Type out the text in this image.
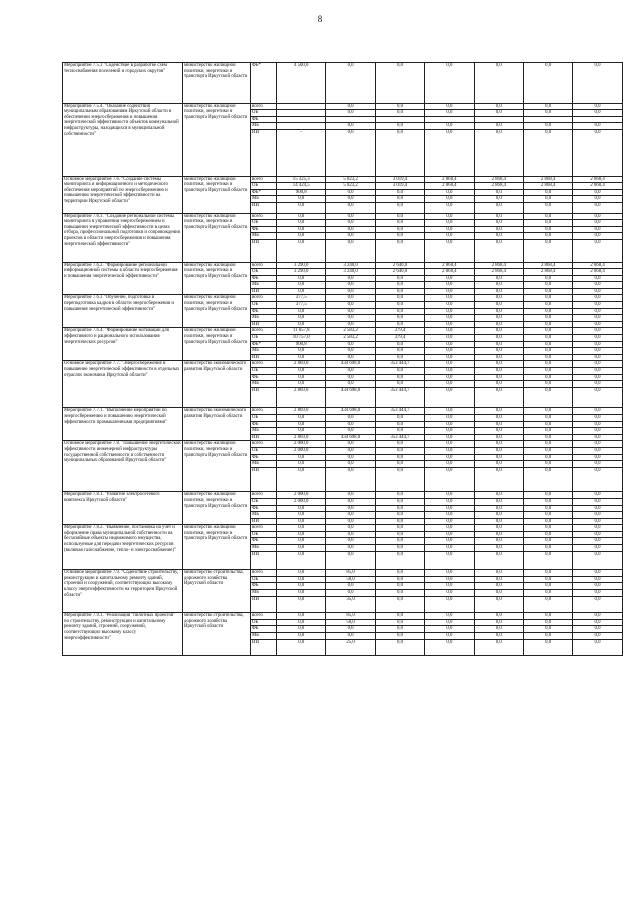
8
Мероприятие 7.5.3 "Содействие в разработке схем теплоснабжения поселений и городских округов"	министерство жилищной политики, энергетики и транспорта Иркутской области	ФБ*	4 500,0	0,0	0,0	0,0	0,0	0,0	0,0
Мероприятие 7.5.4. "Оказание содействия муниципальным образованиям Иркутской области в обеспечении энергосбережения и повышения энергетической эффективности объектов коммунальной инфраструктуры, находящихся в муниципальной собственности"	министерство жилищной политики, энергетики и транспорта Иркутской области	всего		0,0	0,0	0,0	0,0	0,0	0,0
		ОБ		0,0	0,0	0,0	0,0	0,0	0,0
		ФБ							
		МБ		0,0	0,0	0,0	0,0	0,0	0,0
		ИИ	-	0,0	0,0	0,0	0,0	0,0	0,0
Основное мероприятие 7.6. "Создание системы мониторинга и информационного и методического обеспечения мероприятий по энергосбережению и повышению энергетической эффективности на территории Иркутской области"	министерство жилищной политики, энергетики и транспорта Иркутской области	всего	15 325,3	5 823,2	3 019,4	2 868,4	2 868,4	2 868,4	2 868,4
		ОБ	14 424,5	5 823,2	3 019,4	2 868,4	2 868,4	2 868,4	2 868,4
		ФБ*	900,8	0,0	0,0	0,0	0,0	0,0	0,0
		МБ	0,0	0,0	0,0	0,0	0,0	0,0	0,0
		ИИ	0,0	0,0	0,0	0,0	0,0	0,0	0,0
Мероприятие 7.6.1. "Создание региональной системы мониторинга в управлении энергосбережением и повышении энергетической эффективности в целях отбора, профессиональной подготовки и сопровождения проектов в области энергосбережения и повышения энергетической эффективности"	министерство жилищной политики, энергетики и транспорта Иркутской области	всего	0,0	0,0	0,0	0,0	0,0	0,0	0,0
		ОБ	0,0	0,0	0,0	0,0	0,0	0,0	0,0
		ФБ	0,0	0,0	0,0	0,0	0,0	0,0	0,0
		МБ	0,0	0,0	0,0	0,0	0,0	0,0	0,0
		ИИ	0,0	0,0	0,0	0,0	0,0	0,0	0,0
Мероприятие 7.6.2. "Формирование региональной информационной системы в области энергосбережения и повышения энергетической эффективности"	министерство жилищной политики, энергетики и транспорта Иркутской области	всего	3 290,0	3 240,0	2 640,0	2 868,4	2 868,4	2 868,4	2 868,4
		ОБ	3 290,0	3 240,0	2 640,0	2 868,4	2 868,4	2 868,4	2 868,4
		ФБ	0,0	0,0	0,0	0,0	0,0	0,0	0,0
		МБ	0,0	0,0	0,0	0,0	0,0	0,0	0,0
		ИИ	0,0	0,0	0,0	0,0	0,0	0,0	0,0
Мероприятие 7.6.3 "Обучение, подготовка и переподготовка кадров в области энергосбережения и повышения энергетической эффективности"	министерство жилищной политики, энергетики и транспорта Иркутской области	всего	377,5	0,0	0,0	0,0	0,0	0,0	0,0
		ОБ	377,5	0,0	0,0	0,0	0,0	0,0	0,0
		ФБ	0,0	0,0	0,0	0,0	0,0	0,0	0,0
		МБ	0,0	0,0	0,0	0,0	0,0	0,0	0,0
		ИИ	0,0	0,0	0,0	0,0	0,0	0,0	0,0
Мероприятие 7.6.4. "Формирование мотивации для эффективного и рационального использования энергетических ресурсов"	министерство жилищной политики, энергетики и транспорта Иркутской области	всего	11 657,8	2 583,2	379,4	0,0	0,0	0,0	0,0
		ОБ	10 757,0	2 583,2	379,4	0,0	0,0	0,0	0,0
		ФБ*	900,8	0,0	0,0	0,0	0,0	0,0	0,0
		МБ	0,0	0,0	0,0	0,0	0,0	0,0	0,0
		ИИ	0,0	0,0	0,0	0,0	0,0	0,0	0,0
Основное мероприятие 7.7. "Энергосбережение и повышение энергетической эффективности в отдельных отраслях экономики Иркутской области"	министерство экономического развития Иркутской области	всего	2 869,0	434 698,0	353 444,7	0,0	0,0	0,0	0,0
		ОБ	0,0	0,0	0,0	0,0	0,0	0,0	0,0
		ФБ	0,0	0,0	0,0	0,0	0,0	0,0	0,0
		МБ	0,0	0,0	0,0	0,0	0,0	0,0	0,0
		ИИ	2 869,0	434 698,0	353 444,7	0,0	0,0	0,0	0,0
Мероприятие 7.7.1. "Выполнение мероприятий по энергосбережению и повышению энергетической эффективности промышленными предприятиями"	министерство экономического развития Иркутской области	всего	2 869,0	434 698,0	353 444,7	0,0	0,0	0,0	0,0
		ОБ	0,0	0,0	0,0	0,0	0,0	0,0	0,0
		ФБ	0,0	0,0	0,0	0,0	0,0	0,0	0,0
		МБ	0,0	0,0	0,0	0,0	0,0	0,0	0,0
		ИИ	2 869,0	434 698,0	353 444,7	0,0	0,0	0,0	0,0
Основное мероприятие 7.8. "Повышение энергетической эффективности инженерной инфраструктуры государственной собственности и собственности муниципальных образований Иркутской области"	министерство жилищной политики, энергетики и транспорта Иркутской области	всего	2 000,0	0,0	0,0	0,0	0,0	0,0	0,0
		ОБ	2 000,0	0,0	0,0	0,0	0,0	0,0	0,0
		ФБ	0,0	0,0	0,0	0,0	0,0	0,0	0,0
		МБ	0,0	0,0	0,0	0,0	0,0	0,0	0,0
		ИИ	0,0	0,0	0,0	0,0	0,0	0,0	0,0
Мероприятие 7.8.1. "Развитие электросетевого комплекса Иркутской области"	министерство жилищной политики, энергетики и транспорта Иркутской области	всего	2 000,0	0,0	0,0	0,0	0,0	0,0	0,0
		ОБ	2 000,0	0,0	0,0	0,0	0,0	0,0	0,0
		ФБ	0,0	0,0	0,0	0,0	0,0	0,0	0,0
		МБ	0,0	0,0	0,0	0,0	0,0	0,0	0,0
		ИИ	0,0	0,0	0,0	0,0	0,0	0,0	0,0
Мероприятие 7.8.2. "Выявление, постановка на учет и оформление права муниципальной собственности на бесхозяйные объекты недвижимого имущества, используемые для передачи энергетических ресурсов (включая газоснабжение, тепло- и электроснабжение)"	министерство жилищной политики, энергетики и транспорта Иркутской области	всего	0,0	0,0	0,0	0,0	0,0	0,0	0,0
		ОБ	0,0	0,0	0,0	0,0	0,0	0,0	0,0
		ФБ	0,0	0,0	0,0	0,0	0,0	0,0	0,0
		МБ	0,0	0,0	0,0	0,0	0,0	0,0	0,0
		ИИ	0,0	0,0	0,0	0,0	0,0	0,0	0,0
Основное мероприятие 7.9. "Содействие строительству, реконструкции и капитальному ремонту зданий, строений и сооружений, соответствующих высокому классу энергоэффективности на территории Иркутской области"	министерство строительства, дорожного хозяйства Иркутской области	всего	0,0	85,0	0,0	0,0	0,0	0,0	0,0
		ОБ	0,0	50,0	0,0	0,0	0,0	0,0	0,0
		ФБ	0,0	0,0	0,0	0,0	0,0	0,0	0,0
		МБ	0,0	0,0	0,0	0,0	0,0	0,0	0,0
		ИИ	0,0	35,0	0,0	0,0	0,0	0,0	0,0
Мероприятие 7.9.1. "Реализация "пилотных проектов" по строительству, реконструкции и капитальному ремонту зданий, строений, сооружений, соответствующих высокому классу энергоэффективности"	министерство строительства, дорожного хозяйства Иркутской области	всего	0,0	85,0	0,0	0,0	0,0	0,0	0,0
		ОБ	0,0	50,0	0,0	0,0	0,0	0,0	0,0
		ФБ	0,0	0,0	0,0	0,0	0,0	0,0	0,0
		МБ	0,0	0,0	0,0	0,0	0,0	0,0	0,0
		ИИ	0,0	25,0	0,0	0,0	0,0	0,0	0,0
